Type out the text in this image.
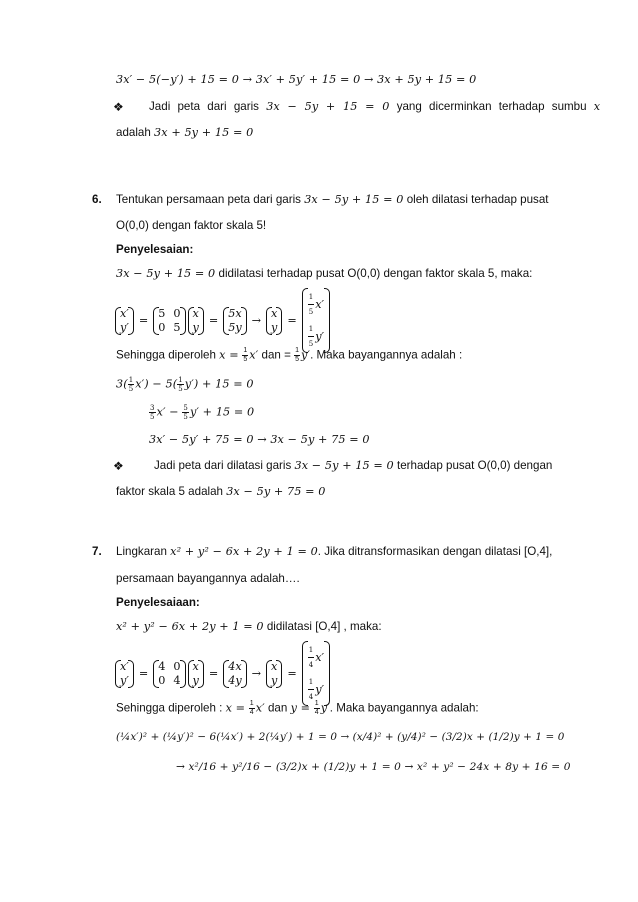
3𝑥′ − 5(−𝑦′) + 15 = 0 → 3𝑥′ + 5𝑦′ + 15 = 0 → 3𝑥 + 5𝑦 + 15 = 0
❖ Jadi peta dari garis 3𝑥 − 5𝑦 + 15 = 0 yang dicerminkan terhadap sumbu 𝑥
adalah 3𝑥 + 5𝑦 + 15 = 0
6. Tentukan persamaan peta dari garis 3𝑥 − 5𝑦 + 15 = 0 oleh dilatasi terhadap pusat
O(0,0) dengan faktor skala 5!
Penyelesaian:
3𝑥 − 5𝑦 + 15 = 0 didilatasi terhadap pusat O(0,0) dengan faktor skala 5, maka:
𝑥′
𝑦′ =
5 0
0 5
𝑥
𝑦 =
5𝑥
5𝑦 →
𝑥
𝑦 =
$\frac{1}{5}$ 𝑥′
$\frac{1}{5}$ 𝑦′
Sehingga diperoleh 𝑥 = $\frac{1}{5}$ 𝑥′ dan = $\frac{1}{5}$ 𝑦′. Maka bayangannya adalah :
$3( \frac{1}{5}$ 𝑥′) − $5( \frac{1}{5}$ 𝑦′) + 15 = 0
$\frac{3}{5}$ 𝑥′ − $\frac{5}{5}$ 𝑦′ + 15 = 0
3𝑥′ − 5𝑦′ + 75 = 0 → 3𝑥 − 5𝑦 + 75 = 0
❖	Jadi peta dari dilatasi garis 3𝑥 − 5𝑦 + 15 = 0 terhadap pusat O(0,0) dengan
faktor skala 5 adalah 3𝑥 − 5𝑦 + 75 = 0
7. Lingkaran 𝑥² + 𝑦² − 6𝑥 + 2𝑦 + 1 = 0. Jika ditransformasikan dengan dilatasi [O,4],
persamaan bayangannya adalah….
Penyelesaiaan:
𝑥² + 𝑦² − 6𝑥 + 2𝑦 + 1 = 0 didilatasi [O,4] , maka:
𝑥′
𝑦′ =
4 0
0 4
𝑥
𝑦 =
4𝑥
4𝑦 →
𝑥
𝑦 =
$\frac{1}{4}$ 𝑥′
$\frac{1}{4}$ 𝑦′
Sehingga diperoleh : 𝑥 = $\frac{1}{4}$ 𝑥′ dan 𝑦 = $\frac{1}{4}$ 𝑦′. Maka bayangannya adalah:
(¼𝑥′)² + (¼𝑦′)² − 6(¼𝑥′) + 2(¼𝑦′) + 1 = 0 → (𝑥/4)² + (𝑦/4)² − (3/2)𝑥 + (1/2)𝑦 + 1 = 0
→ 𝑥²/16 + 𝑦²/16 − (3/2)𝑥 + (1/2)𝑦 + 1 = 0 → 𝑥² + 𝑦² − 24𝑥 + 8𝑦 + 16 = 0
